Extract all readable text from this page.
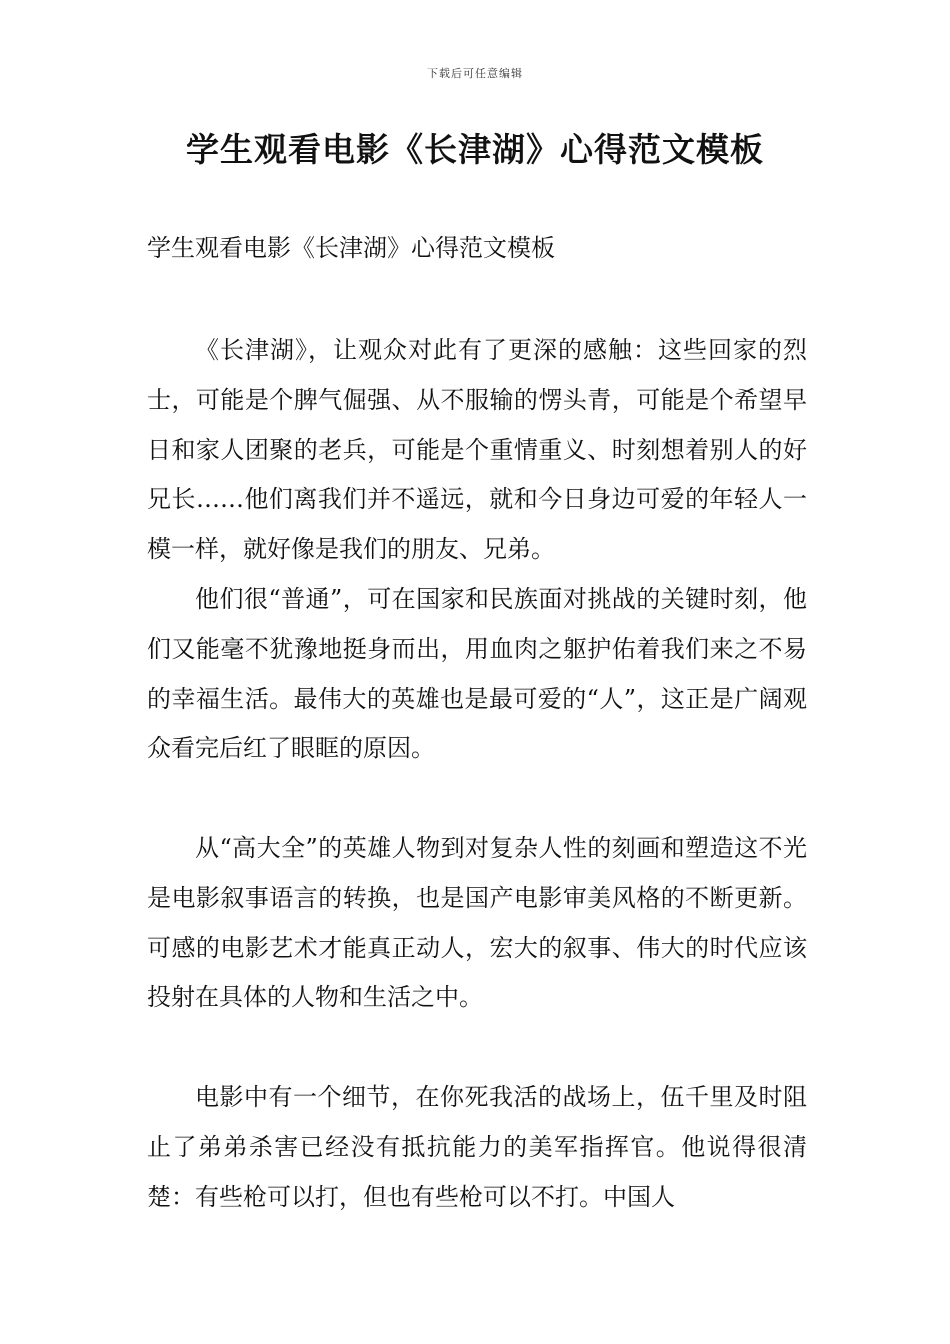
下载后可任意编辑
学生观看电影《长津湖》心得范文模板

学生观看电影《长津湖》心得范文模板

《长津湖》，让观众对此有了更深的感触：这些回家的烈士，可能是个脾气倔强、从不服输的愣头青，可能是个希望早日和家人团聚的老兵，可能是个重情重义、时刻想着别人的好兄长……他们离我们并不遥远，就和今日身边可爱的年轻人一模一样，就好像是我们的朋友、兄弟。

他们很“普通”，可在国家和民族面对挑战的关键时刻，他们又能毫不犹豫地挺身而出，用血肉之躯护佑着我们来之不易的幸福生活。最伟大的英雄也是最可爱的“人”，这正是广阔观众看完后红了眼眶的原因。

从“高大全”的英雄人物到对复杂人性的刻画和塑造这不光是电影叙事语言的转换，也是国产电影审美风格的不断更新。可感的电影艺术才能真正动人，宏大的叙事、伟大的时代应该投射在具体的人物和生活之中。

电影中有一个细节，在你死我活的战场上，伍千里及时阻止了弟弟杀害已经没有抵抗能力的美军指挥官。他说得很清楚：有些枪可以打，但也有些枪可以不打。中国人
